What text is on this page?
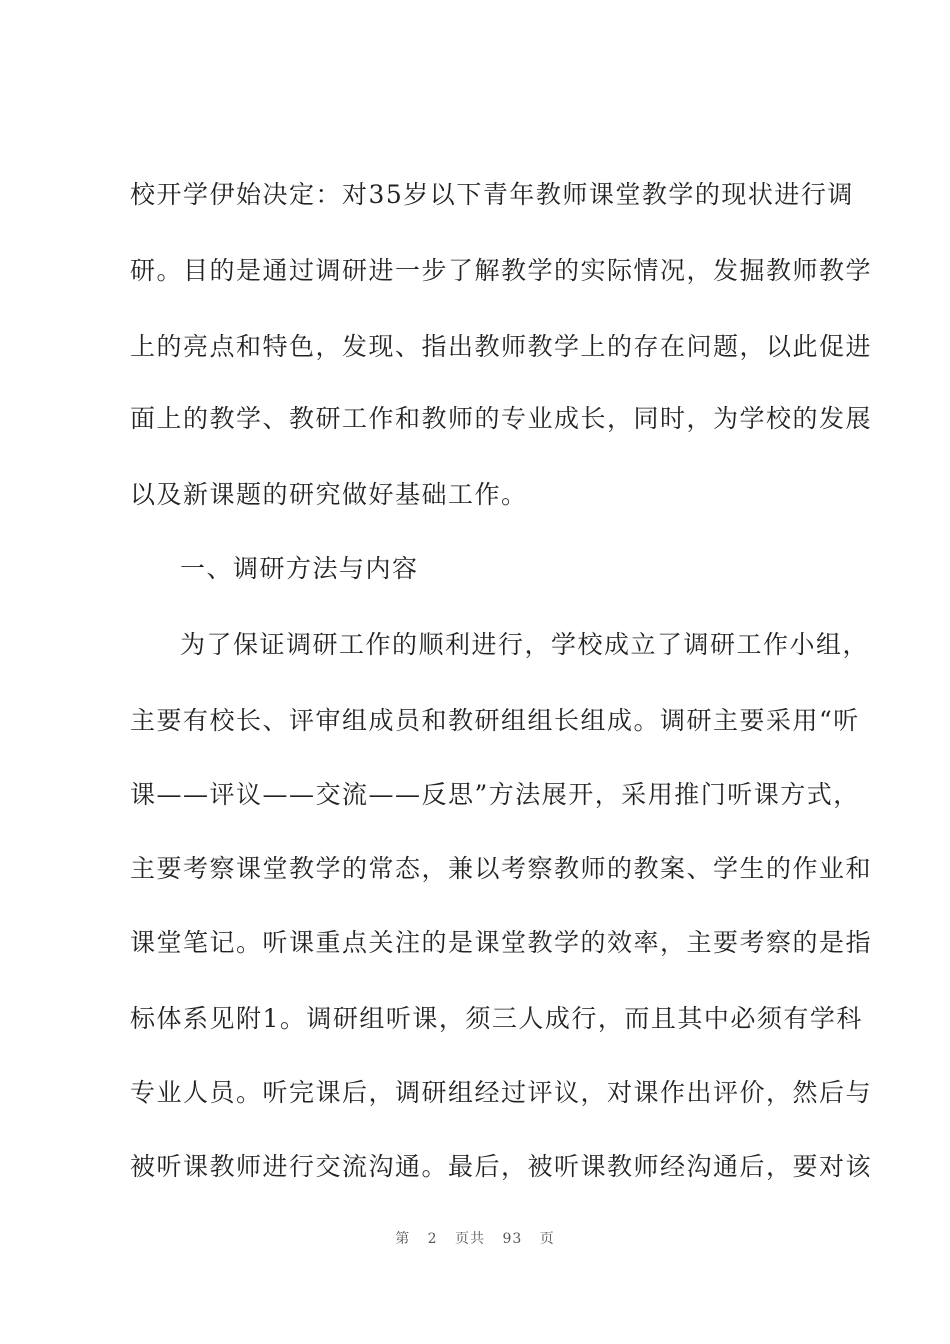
校开学伊始决定：对35岁以下青年教师课堂教学的现状进行调
研。目的是通过调研进一步了解教学的实际情况，发掘教师教学
上的亮点和特色，发现、指出教师教学上的存在问题，以此促进
面上的教学、教研工作和教师的专业成长，同时，为学校的发展
以及新课题的研究做好基础工作。
一、调研方法与内容
为了保证调研工作的顺利进行，学校成立了调研工作小组，
主要有校长、评审组成员和教研组组长组成。调研主要采用“听
课——评议——交流——反思”方法展开，采用推门听课方式，
主要考察课堂教学的常态，兼以考察教师的教案、学生的作业和
课堂笔记。听课重点关注的是课堂教学的效率，主要考察的是指
标体系见附1。调研组听课，须三人成行，而且其中必须有学科
专业人员。听完课后，调研组经过评议，对课作出评价，然后与
被听课教师进行交流沟通。最后，被听课教师经沟通后，要对该
第 2 页共 93 页
